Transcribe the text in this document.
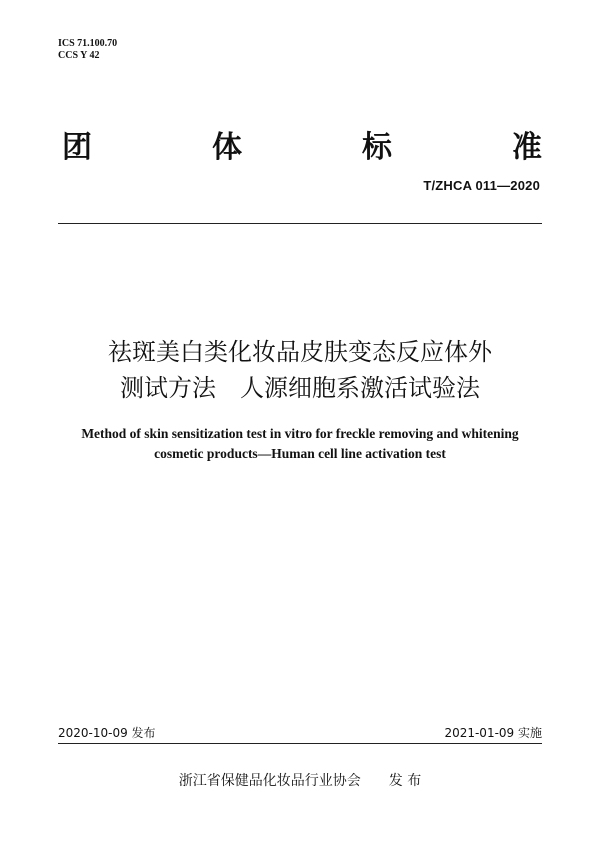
ICS 71.100.70
CCS Y 42
团	体	标	准
T/ZHCA 011—2020
祛斑美白类化妆品皮肤变态反应体外
测试方法　人源细胞系激活试验法
Method of skin sensitization test in vitro for freckle removing and whitening
cosmetic products—Human cell line activation test
2020-10-09 发布	2021-01-09 实施
浙江省保健品化妆品行业协会 发 布
